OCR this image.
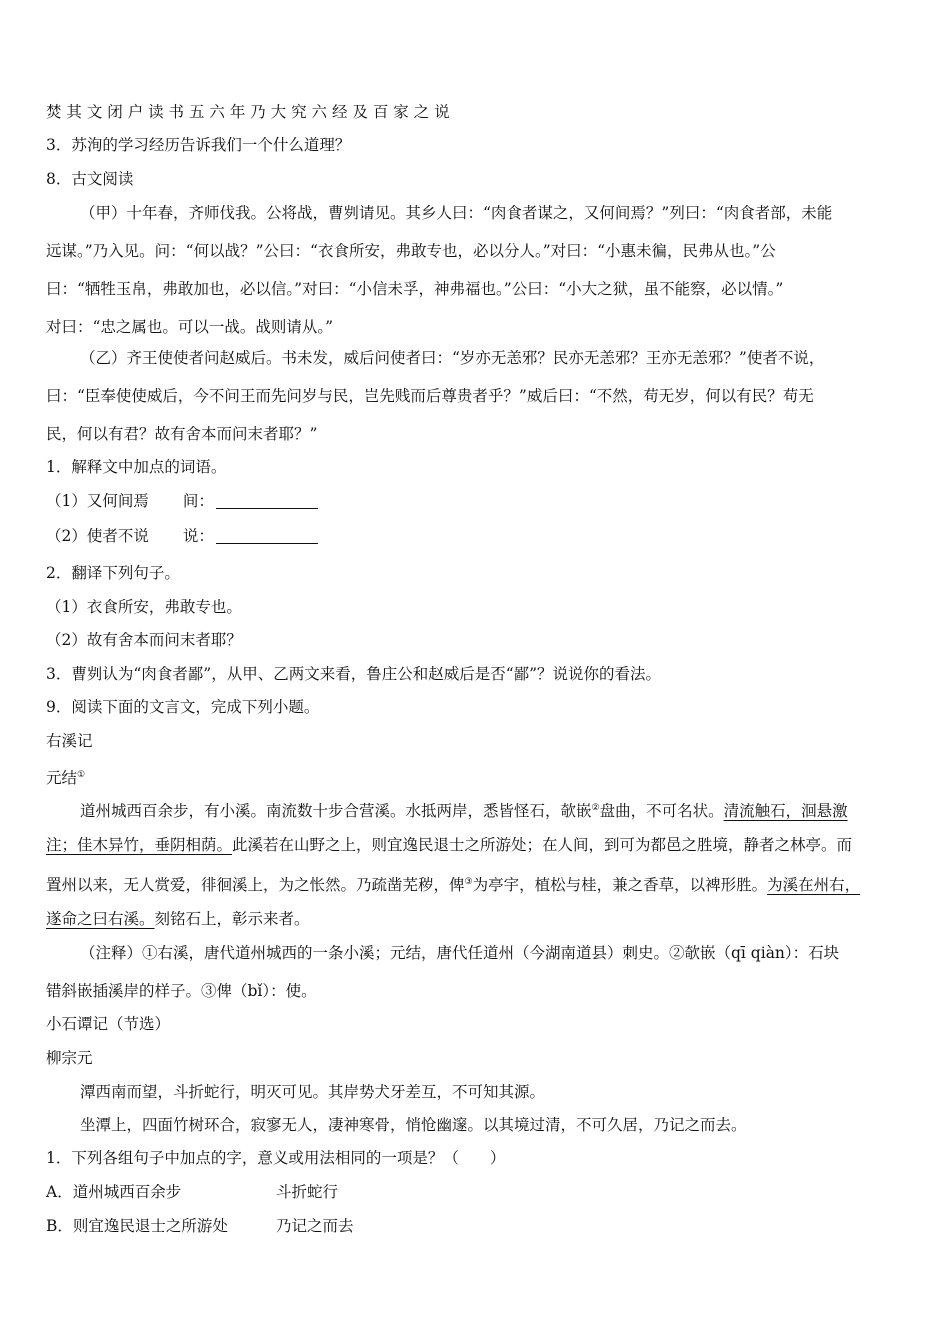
焚 其 文 闭 户 读 书 五 六 年 乃 大 究 六 经 及 百 家 之 说
3．苏洵的学习经历告诉我们一个什么道理？
8．古文阅读
（甲）十年春，齐师伐我。公将战，曹刿请见。其乡人曰：“肉食者谋之，又何间焉？”列曰：“肉食者部，未能
远谋。”乃入见。问：“何以战？”公曰：“衣食所安，弗敢专也，必以分人。”对曰：“小惠未徧，民弗从也。”公
曰：“牺牲玉帛，弗敢加也，必以信。”对曰：“小信未孚，神弗福也。”公曰：“小大之狱，虽不能察，必以情。”
对曰：“忠之属也。可以一战。战则请从。”
（乙）齐王使使者问赵威后。书未发，威后问使者曰：“岁亦无恙邪？民亦无恙邪？王亦无恙邪？”使者不说，
曰：“臣奉使使威后，今不问王而先问岁与民，岂先贱而后尊贵者乎？”威后曰：“不然，苟无岁，何以有民？苟无
民，何以有君？故有舍本而问末者耶？”
1．解释文中加点的词语。
（1）又何间焉 间：
（2）使者不说 说：
2．翻译下列句子。
（1）衣食所安，弗敢专也。
（2）故有舍本而问末者耶？
3．曹刿认为“肉食者鄙”，从甲、乙两文来看，鲁庄公和赵威后是否“鄙”？说说你的看法。
9．阅读下面的文言文，完成下列小题。
右溪记
元结①
道州城西百余步，有小溪。南流数十步合营溪。水抵两岸，悉皆怪石，欹嵌②盘曲，不可名状。清流触石，洄悬激
注；佳木异竹，垂阴相荫。此溪若在山野之上，则宜逸民退士之所游处；在人间，到可为都邑之胜境，静者之林亭。而
置州以来，无人赏爱，徘徊溪上，为之怅然。乃疏凿芜秽，俾③为亭宇，植松与桂，兼之香草，以裨形胜。为溪在州右，
遂命之曰右溪。刻铭石上，彰示来者。
（注释）①右溪，唐代道州城西的一条小溪；元结，唐代任道州（今湖南道县）刺史。②欹嵌（qī qiàn）：石块
错斜嵌插溪岸的样子。③俾（bǐ）：使。
小石谭记（节选）
柳宗元
潭西南而望，斗折蛇行，明灭可见。其岸势犬牙差互，不可知其源。
坐潭上，四面竹树环合，寂寥无人，凄神寒骨，悄怆幽邃。以其境过清，不可久居，乃记之而去。
1．下列各组句子中加点的字，意义或用法相同的一项是？（　　）
A．道州城西百余步	斗折蛇行
B．则宜逸民退士之所游处	乃记之而去
